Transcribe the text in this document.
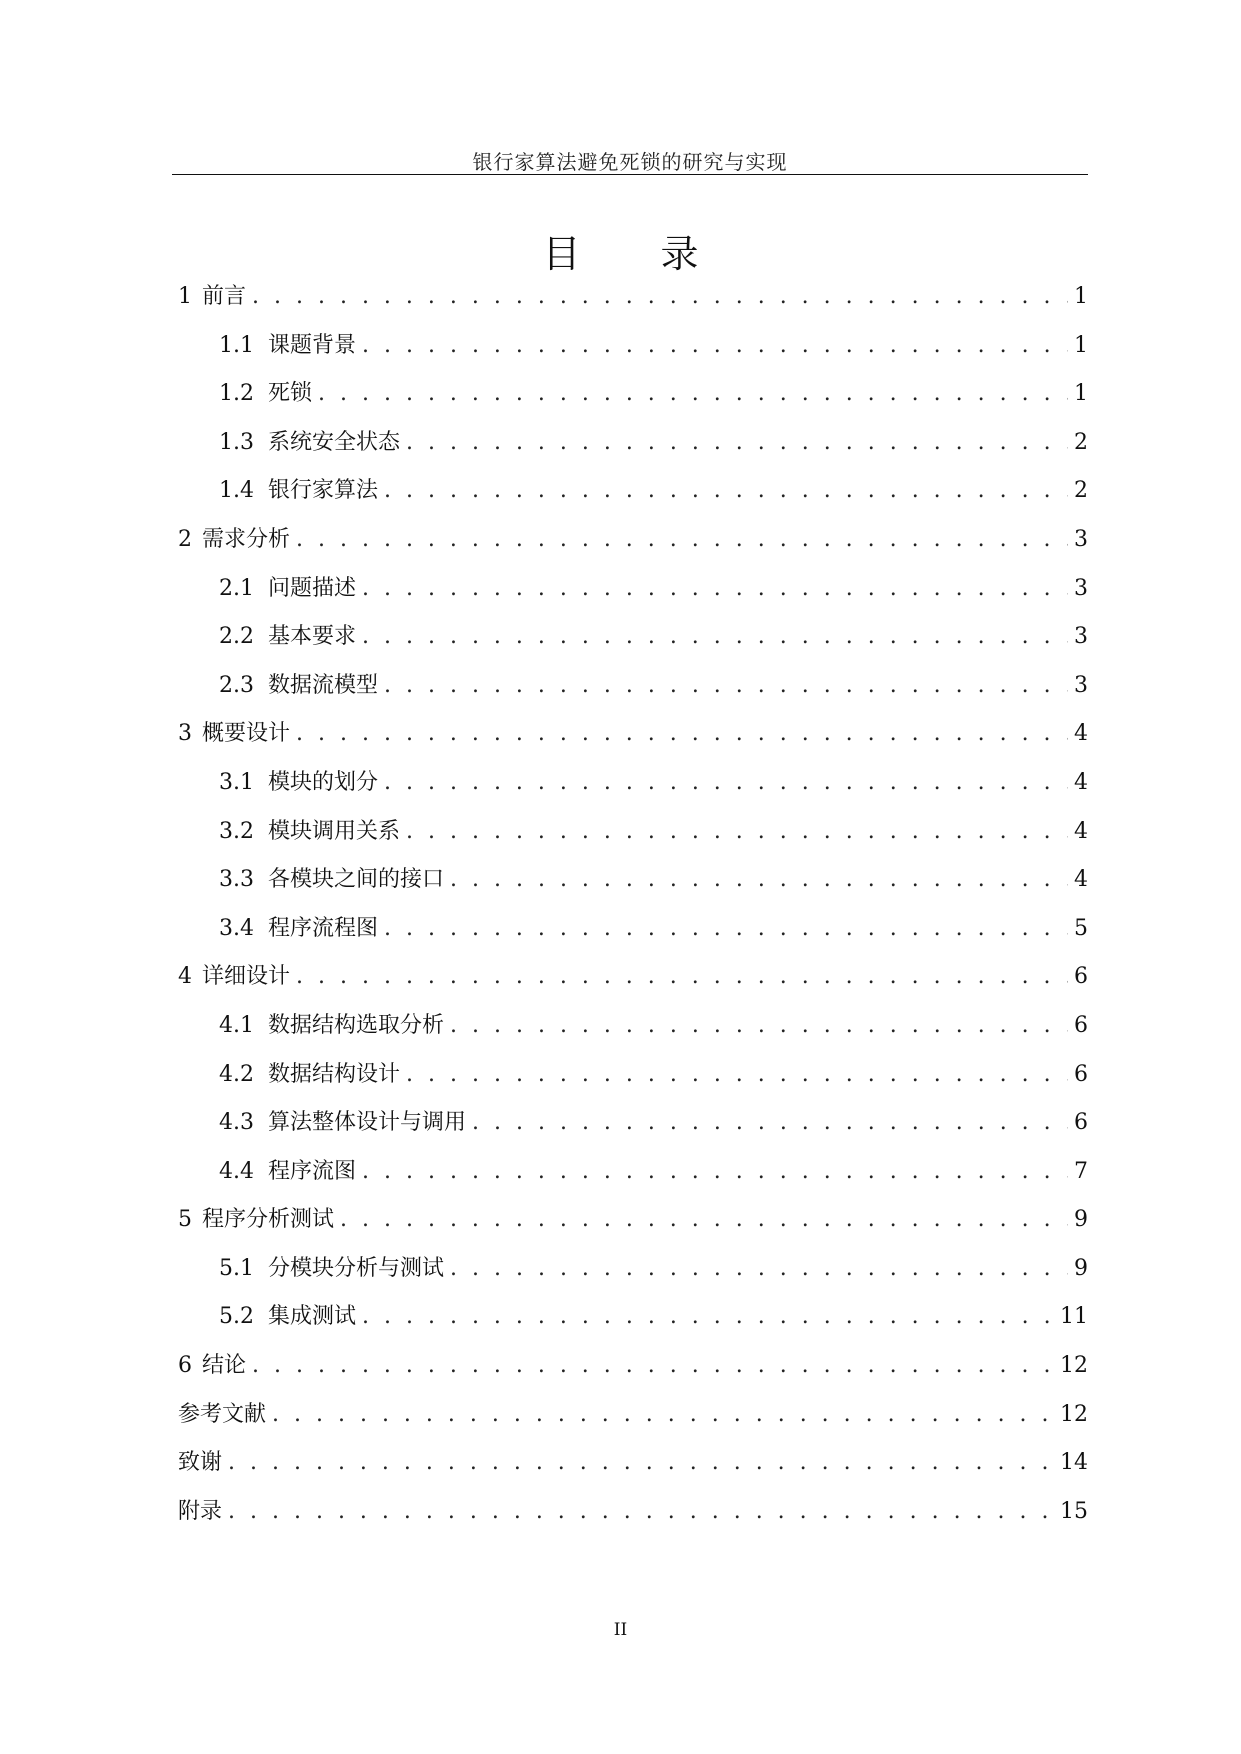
银行家算法避免死锁的研究与实现
目 录
1 前言 . . .	1
1.1 课题背景 . . .	1
1.2 死锁 . . .	1
1.3 系统安全状态 . . .	2
1.4 银行家算法 . . .	2
2 需求分析 . . .	3
2.1 问题描述 . . .	3
2.2 基本要求 . . .	3
2.3 数据流模型 . . .	3
3 概要设计 . . .	4
3.1 模块的划分 . . .	4
3.2 模块调用关系 . . .	4
3.3 各模块之间的接口 . . .	4
3.4 程序流程图 . . .	5
4 详细设计 . . .	6
4.1 数据结构选取分析 . . .	6
4.2 数据结构设计 . . .	6
4.3 算法整体设计与调用 . . .	6
4.4 程序流图 . . .	7
5 程序分析测试 . . .	9
5.1 分模块分析与测试 . . .	9
5.2 集成测试 . . .	11
6 结论 . . .	12
参考文献 . . .	12
致谢 . . .	14
附录 . . .	15
II
